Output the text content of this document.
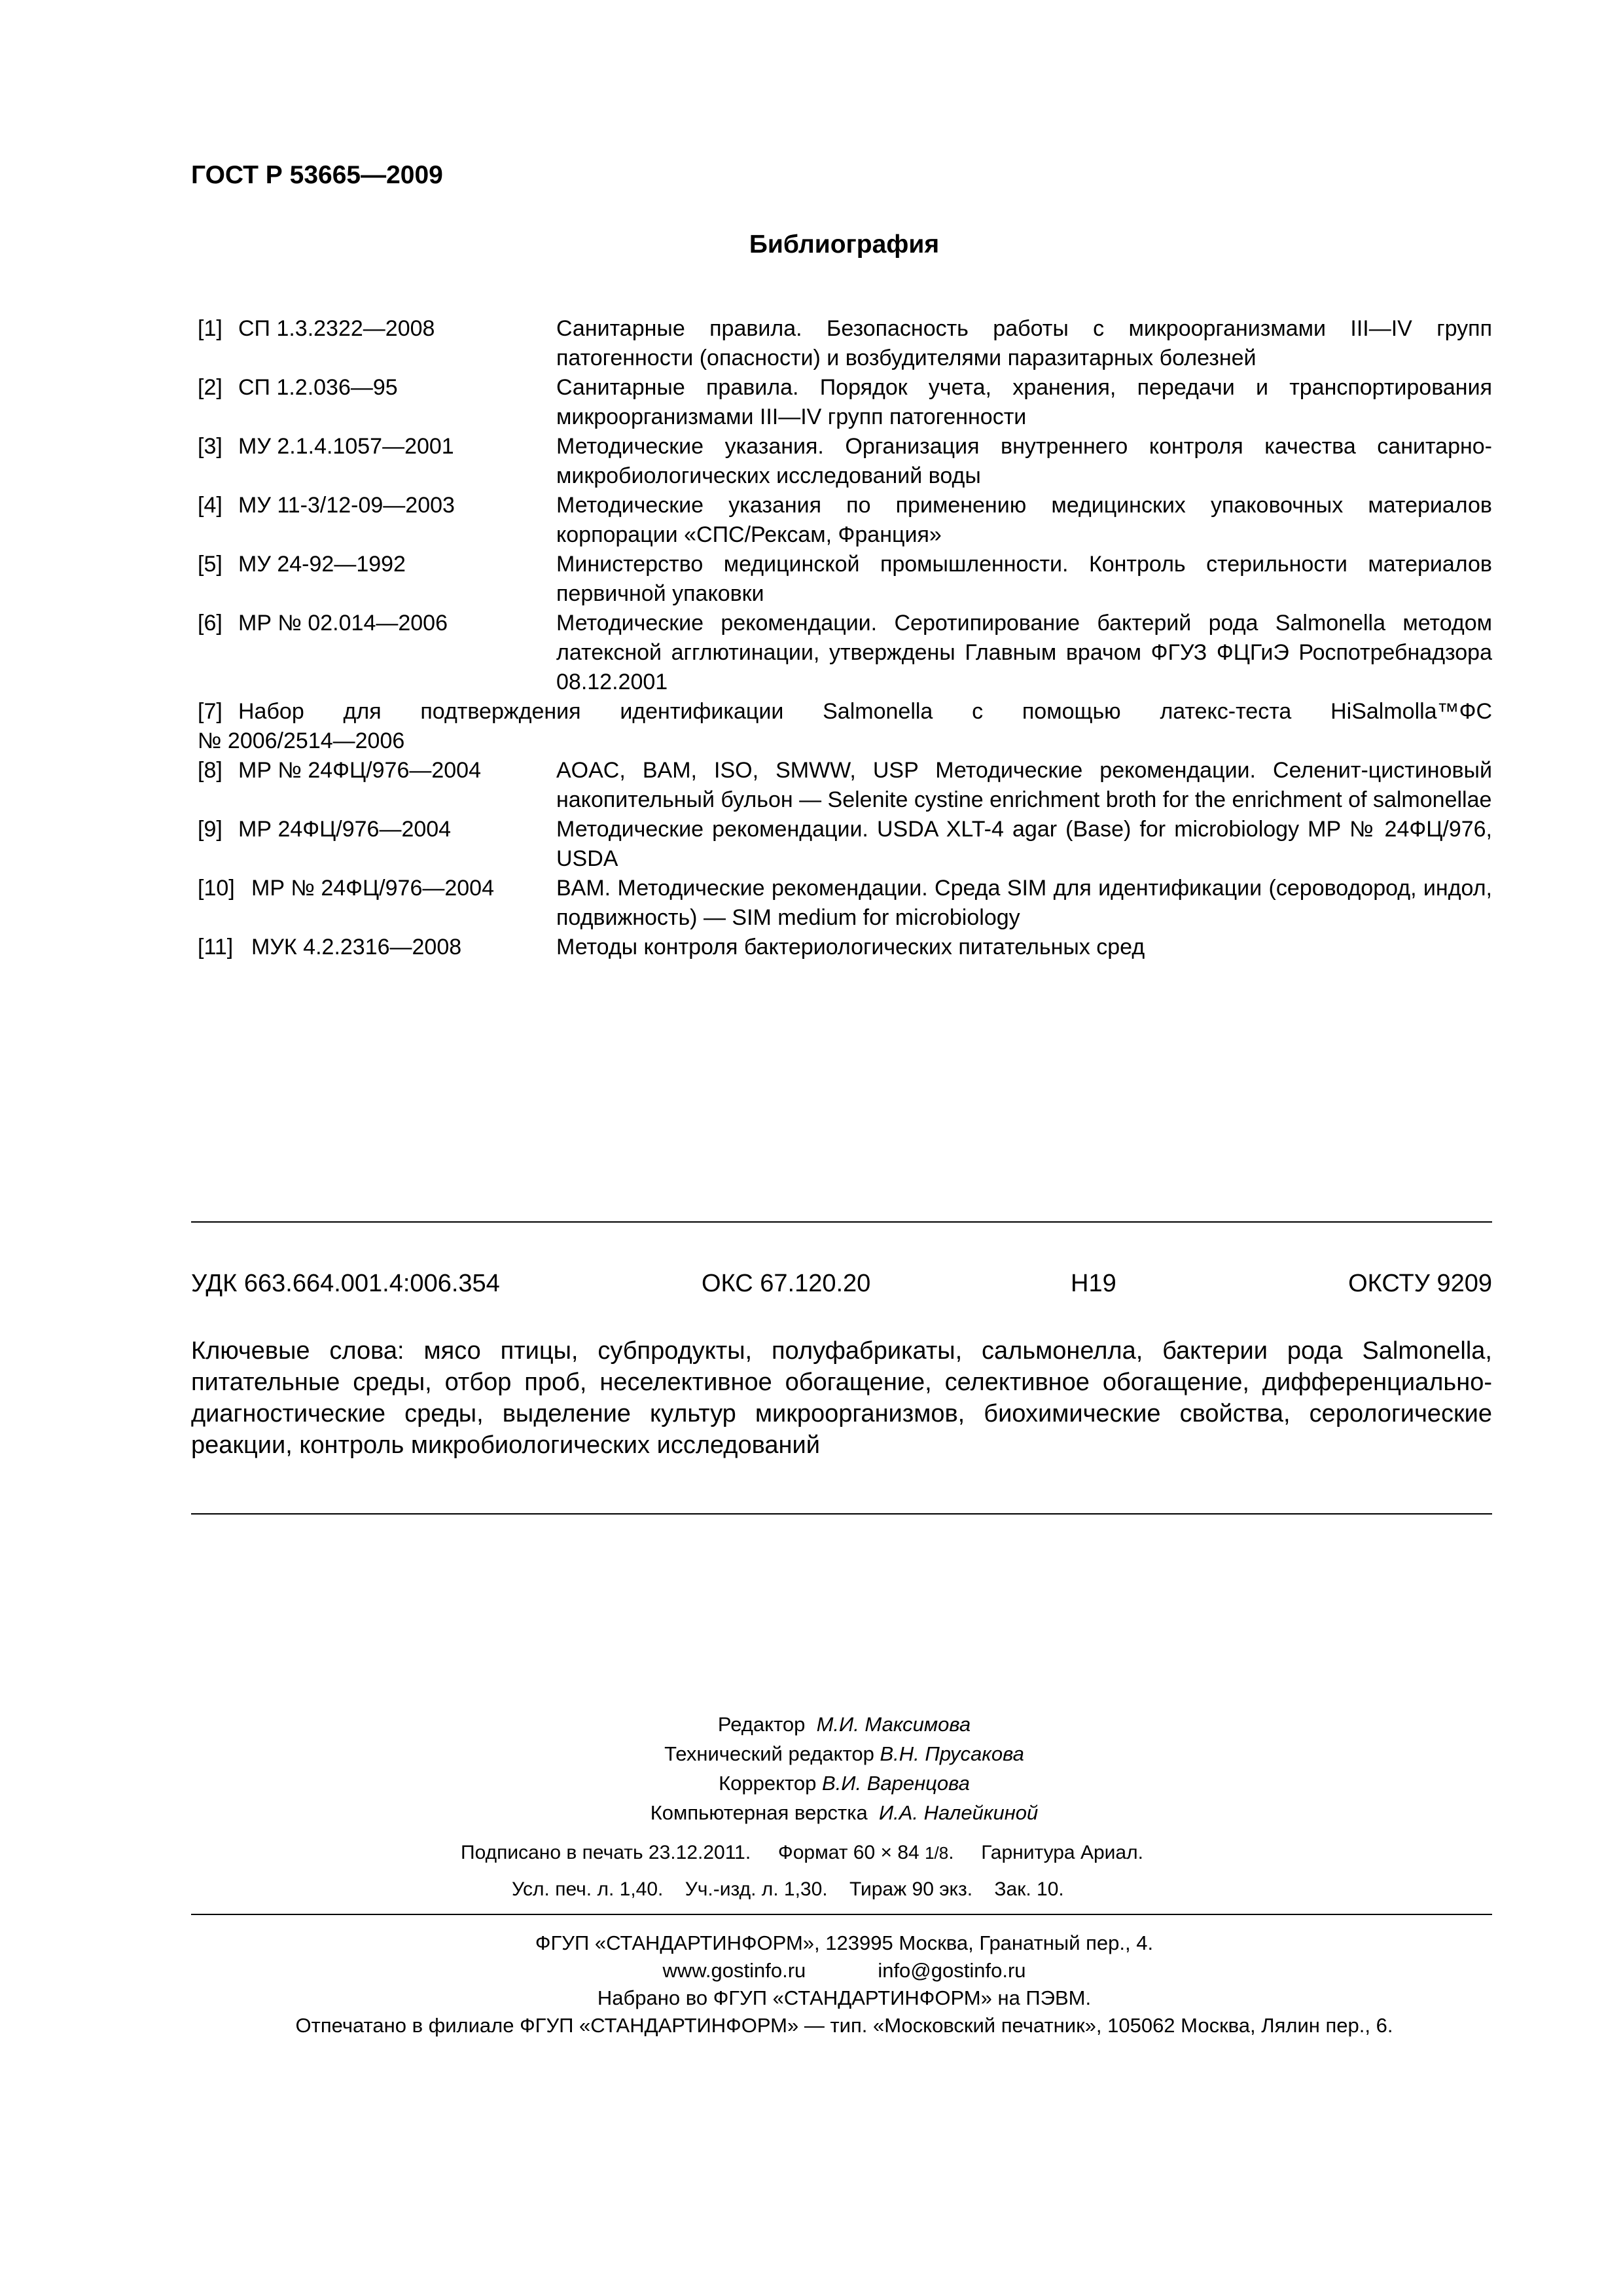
ГОСТ Р 53665—2009
Библиография
[1] СП 1.3.2322—2008	Санитарные правила. Безопасность работы с микроорганизмами III—IV групп патогенности (опасности) и возбудителями паразитарных болезней
[2] СП 1.2.036—95	Санитарные правила. Порядок учета, хранения, передачи и транспортирования микроорганизмами III—IV групп патогенности
[3] МУ 2.1.4.1057—2001	Методические указания. Организация внутреннего контроля качества санитарно-микробиологических исследований воды
[4] МУ 11-3/12-09—2003	Методические указания по применению медицинских упаковочных материалов корпорации «СПС/Рексам, Франция»
[5] МУ 24-92—1992	Министерство медицинской промышленности. Контроль стерильности материалов первичной упаковки
[6] МР № 02.014—2006	Методические рекомендации. Серотипирование бактерий рода Salmonella методом латексной агглютинации, утверждены Главным врачом ФГУЗ ФЦГиЭ Роспотребнадзора 08.12.2001
[7] Набор для подтверждения идентификации Salmonella с помощью латекс-теста HiSalmolla™ФС
№ 2006/2514—2006
[8] МР № 24ФЦ/976—2004	AOAC, BAM, ISO, SMWW, USP Методические рекомендации. Селенит-цистиновый накопительный бульон — Selenite cystine enrichment broth for the enrichment of salmonellae
[9] МР 24ФЦ/976—2004	Методические рекомендации. USDA XLT-4 agar (Base) for microbiology МР № 24ФЦ/976, USDA
[10] МР № 24ФЦ/976—2004	BAM. Методические рекомендации. Среда SIM для идентификации (сероводород, индол, подвижность) — SIM medium for microbiology
[11] МУК 4.2.2316—2008	Методы контроля бактериологических питательных сред
УДК 663.664.001.4:006.354	ОКС 67.120.20	Н19	ОКСТУ 9209
Ключевые слова: мясо птицы, субпродукты, полуфабрикаты, сальмонелла, бактерии рода Salmonella, питательные среды, отбор проб, неселективное обогащение, селективное обогащение, дифференциально-диагностические среды, выделение культур микроорганизмов, биохимические свойства, серологические реакции, контроль микробиологических исследований
Редактор М.И. Максимова
Технический редактор В.Н. Прусакова
Корректор В.И. Варенцова
Компьютерная верстка И.А. Налейкиной
Подписано в печать 23.12.2011. Формат 60 × 84 1/8.     Гарнитура Ариал.
Усл. печ. л. 1,40.    Уч.-изд. л. 1,30.    Тираж 90 экз.    Зак. 10.
ФГУП «СТАНДАРТИНФОРМ», 123995 Москва, Гранатный пер., 4.
www.gostinfo.ru	info@gostinfo.ru
Набрано во ФГУП «СТАНДАРТИНФОРМ» на ПЭВМ.
Отпечатано в филиале ФГУП «СТАНДАРТИНФОРМ» — тип. «Московский печатник», 105062 Москва, Лялин пер., 6.
